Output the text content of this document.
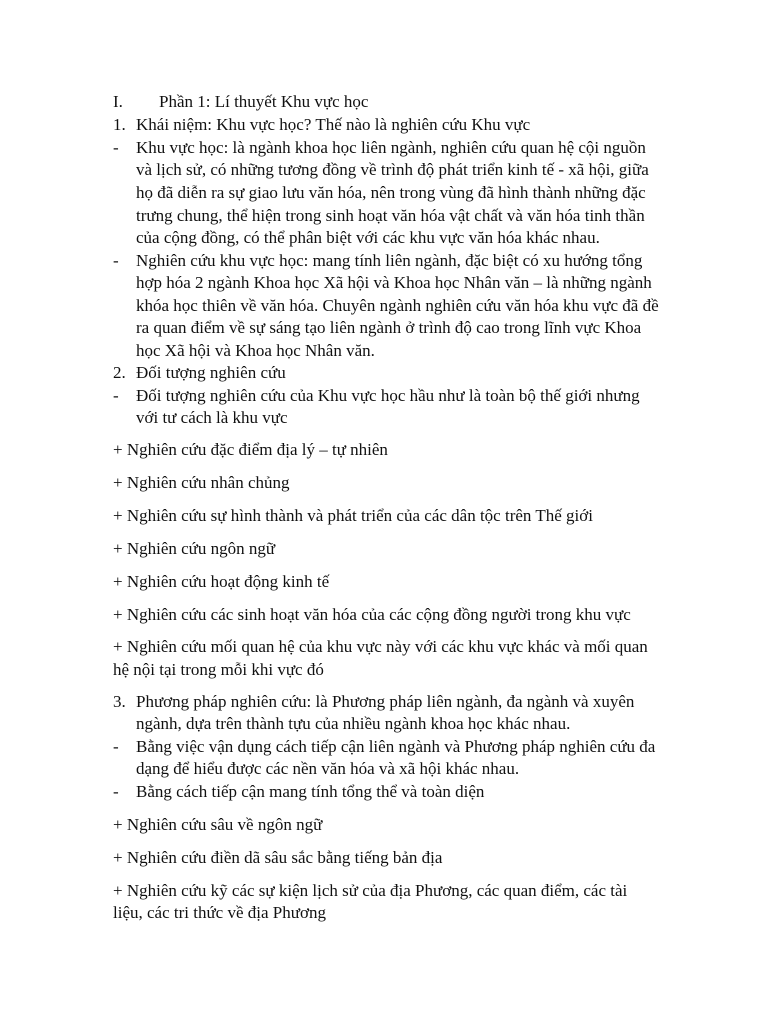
I. Phần 1: Lí thuyết Khu vực học
1. Khái niệm: Khu vực học? Thế nào là nghiên cứu Khu vực
- Khu vực học: là ngành khoa học liên ngành, nghiên cứu quan hệ cội nguồn
và lịch sử, có những tương đồng về trình độ phát triển kinh tế - xã hội, giữa
họ đã diễn ra sự giao lưu văn hóa, nên trong vùng đã hình thành những đặc
trưng chung, thể hiện trong sinh hoạt văn hóa vật chất và văn hóa tinh thần
của cộng đồng, có thể phân biệt với các khu vực văn hóa khác nhau.
- Nghiên cứu khu vực học: mang tính liên ngành, đặc biệt có xu hướng tổng
hợp hóa 2 ngành Khoa học Xã hội và Khoa học Nhân văn – là những ngành
khóa học thiên về văn hóa. Chuyên ngành nghiên cứu văn hóa khu vực đã đề
ra quan điểm về sự sáng tạo liên ngành ở trình độ cao trong lĩnh vực Khoa
học Xã hội và Khoa học Nhân văn.
2. Đối tượng nghiên cứu
- Đối tượng nghiên cứu của Khu vực học hầu như là toàn bộ thế giới nhưng
với tư cách là khu vực
+ Nghiên cứu đặc điểm địa lý – tự nhiên
+ Nghiên cứu nhân chủng
+ Nghiên cứu sự hình thành và phát triển của các dân tộc trên Thế giới
+ Nghiên cứu ngôn ngữ
+ Nghiên cứu hoạt động kinh tế
+ Nghiên cứu các sinh hoạt văn hóa của các cộng đồng người trong khu vực
+ Nghiên cứu mối quan hệ của khu vực này với các khu vực khác và mối quan
hệ nội tại trong mỗi khi vực đó
3. Phương pháp nghiên cứu: là Phương pháp liên ngành, đa ngành và xuyên
ngành, dựa trên thành tựu của nhiều ngành khoa học khác nhau.
- Bằng việc vận dụng cách tiếp cận liên ngành và Phương pháp nghiên cứu đa
dạng để hiểu được các nền văn hóa và xã hội khác nhau.
- Bằng cách tiếp cận mang tính tổng thể và toàn diện
+ Nghiên cứu sâu về ngôn ngữ
+ Nghiên cứu điền dã sâu sắc bằng tiếng bản địa
+ Nghiên cứu kỹ các sự kiện lịch sử của địa Phương, các quan điểm, các tài
liệu, các tri thức về địa Phương
